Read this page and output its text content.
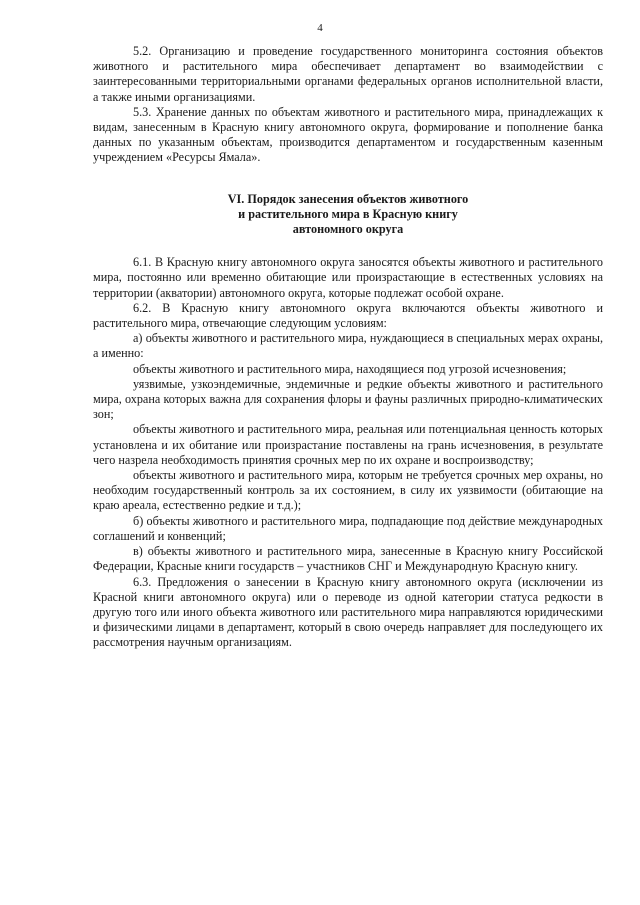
4

5.2. Организацию и проведение государственного мониторинга состояния объектов животного и растительного мира обеспечивает департамент во взаимодействии с заинтересованными территориальными органами федеральных органов исполнительной власти, а также иными организациями.

5.3. Хранение данных по объектам животного и растительного мира, принадлежащих к видам, занесенным в Красную книгу автономного округа, формирование и пополнение банка данных по указанным объектам, производится департаментом и государственным казенным учреждением «Ресурсы Ямала».

VI. Порядок занесения объектов животного
и растительного мира в Красную книгу
автономного округа

6.1. В Красную книгу автономного округа заносятся объекты животного и растительного мира, постоянно или временно обитающие или произрастающие в естественных условиях на территории (акватории) автономного округа, которые подлежат особой охране.

6.2. В Красную книгу автономного округа включаются объекты животного и растительного мира, отвечающие следующим условиям:

а) объекты животного и растительного мира, нуждающиеся в специальных мерах охраны, а именно:

объекты животного и растительного мира, находящиеся под угрозой исчезновения;

уязвимые, узкоэндемичные, эндемичные и редкие объекты животного и растительного мира, охрана которых важна для сохранения флоры и фауны различных природно-климатических зон;

объекты животного и растительного мира, реальная или потенциальная ценность которых установлена и их обитание или произрастание поставлены на грань исчезновения, в результате чего назрела необходимость принятия срочных мер по их охране и воспроизводству;

объекты животного и растительного мира, которым не требуется срочных мер охраны, но необходим государственный контроль за их состоянием, в силу их уязвимости (обитающие на краю ареала, естественно редкие и т.д.);

б) объекты животного и растительного мира, подпадающие под действие международных соглашений и конвенций;

в) объекты животного и растительного мира, занесенные в Красную книгу Российской Федерации, Красные книги государств – участников СНГ и Международную Красную книгу.

6.3. Предложения о занесении в Красную книгу автономного округа (исключении из Красной книги автономного округа) или о переводе из одной категории статуса редкости в другую того или иного объекта животного или растительного мира направляются юридическими и физическими лицами в департамент, который в свою очередь направляет для последующего их рассмотрения научным организациям.
